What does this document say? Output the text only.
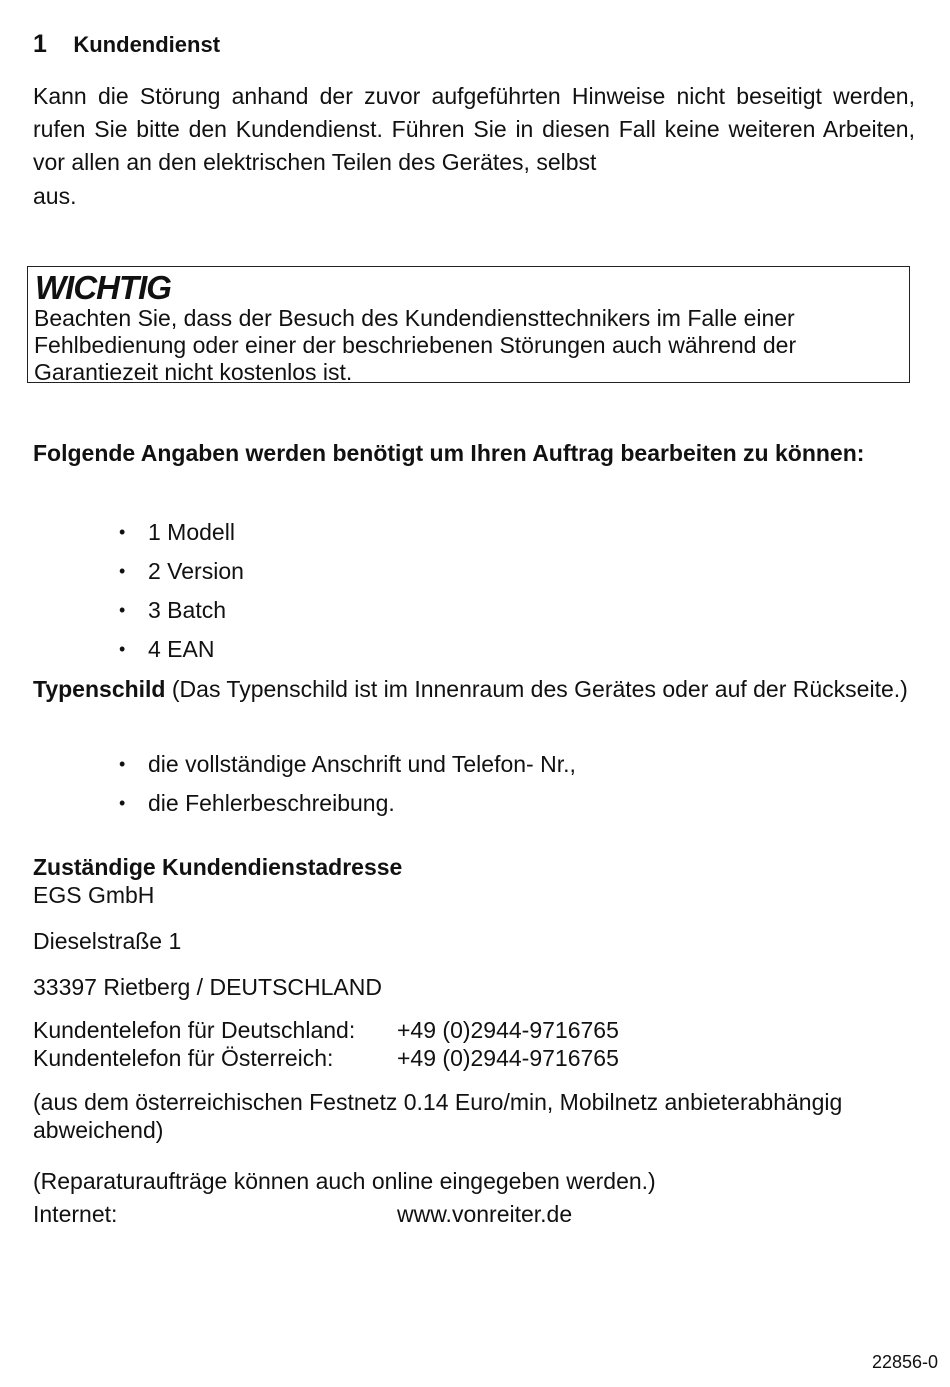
1 Kundendienst

Kann die Störung anhand der zuvor aufgeführten Hinweise nicht beseitigt werden, rufen Sie bitte den Kundendienst. Führen Sie in diesen Fall keine weiteren Arbeiten, vor allen an den elektrischen Teilen des Gerätes, selbst

aus.
WICHTIG

Beachten Sie, dass der Besuch des Kundendiensttechnikers im Falle einer Fehlbedienung oder einer der beschriebenen Störungen auch während der Garantiezeit nicht kostenlos ist.

Folgende Angaben werden benötigt um Ihren Auftrag bearbeiten zu können:

• 1 Modell
• 2 Version
• 3 Batch
• 4 EAN

Typenschild (Das Typenschild ist im Innenraum des Gerätes oder auf der Rückseite.)

• die vollständige Anschrift und Telefon- Nr.,
• die Fehlerbeschreibung.
Zuständige Kundendienstadresse
EGS GmbH
Dieselstraße 1
33397 Rietberg / DEUTSCHLAND
Kundentelefon für Deutschland: +49 (0)2944-9716765
Kundentelefon für Österreich:	+49 (0)2944-9716765

(aus dem österreichischen Festnetz 0.14 Euro/min, Mobilnetz anbieterabhängig abweichend)

(Reparaturaufträge können auch online eingegeben werden.)
Internet:	www.vonreiter.de
22856-0
